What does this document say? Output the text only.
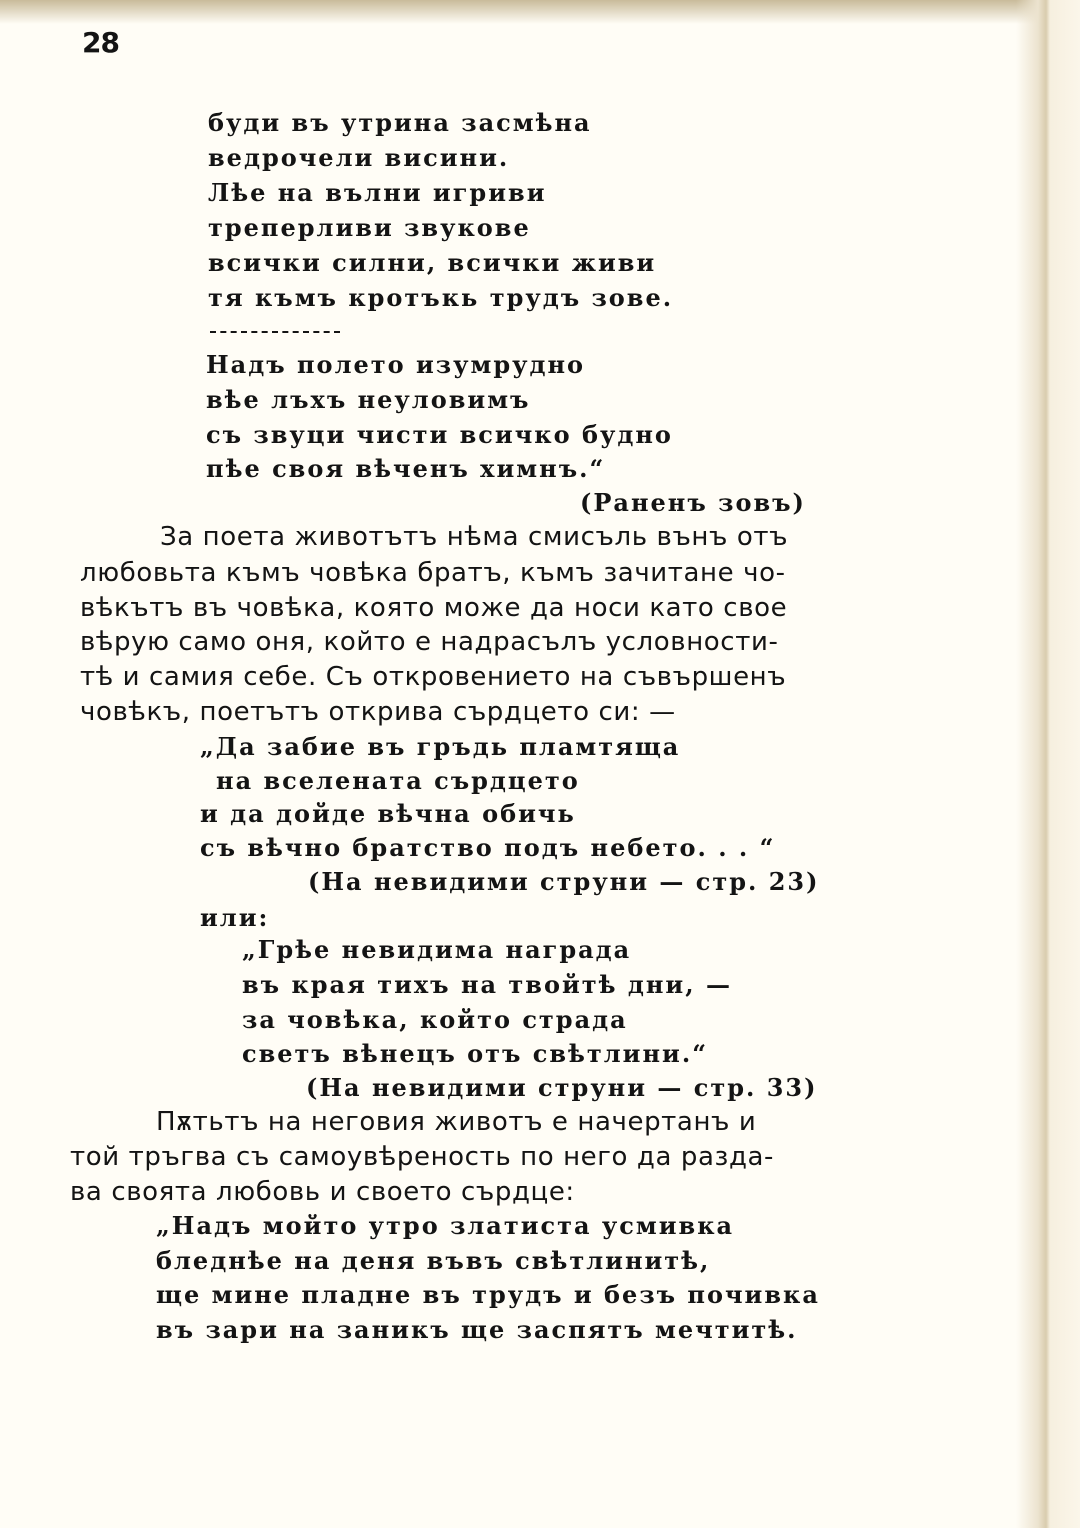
28
буди въ утрина засмѣна
ведрочели висини.
Лѣе на вълни игриви
треперливи звукове
всички силни, всички живи
тя къмъ кротъкь трудъ зове.
Надъ полето изумрудно
вѣе лъхъ неуловимъ
съ звуци чисти всичко будно
пѣе своя вѣченъ химнъ.“
(Раненъ зовъ)
За поета животътъ нѣма смисъль вънъ отъ
любовьта къмъ човѣка братъ, къмъ зачитане чо-
вѣкътъ въ човѣка, която може да носи като свое
вѣрую само оня, който е надрасълъ условности-
тѣ и самия себе. Съ откровението на съвършенъ
човѣкъ, поетътъ открива сърдцето си: —
„Да забие въ гръдь пламтяща
на вселената сърдцето
и да дойде вѣчна обичь
съ вѣчно братство подъ небето. . . “
(На невидими струни — стр. 23)
или:
„Грѣе невидима награда
въ края тихъ на твойтѣ дни, —
за човѣка, който страда
светъ вѣнецъ отъ свѣтлини.“
(На невидими струни — стр. 33)
Пѫтьтъ на неговия животъ е начертанъ и
той тръгва съ самоувѣреность по него да разда-
ва своята любовь и своето сърдце:
„Надъ мойто утро златиста усмивка
бледнѣе на деня въвъ свѣтлинитѣ,
ще мине пладне въ трудъ и безъ почивка
въ зари на заникъ ще заспятъ мечтитѣ.
